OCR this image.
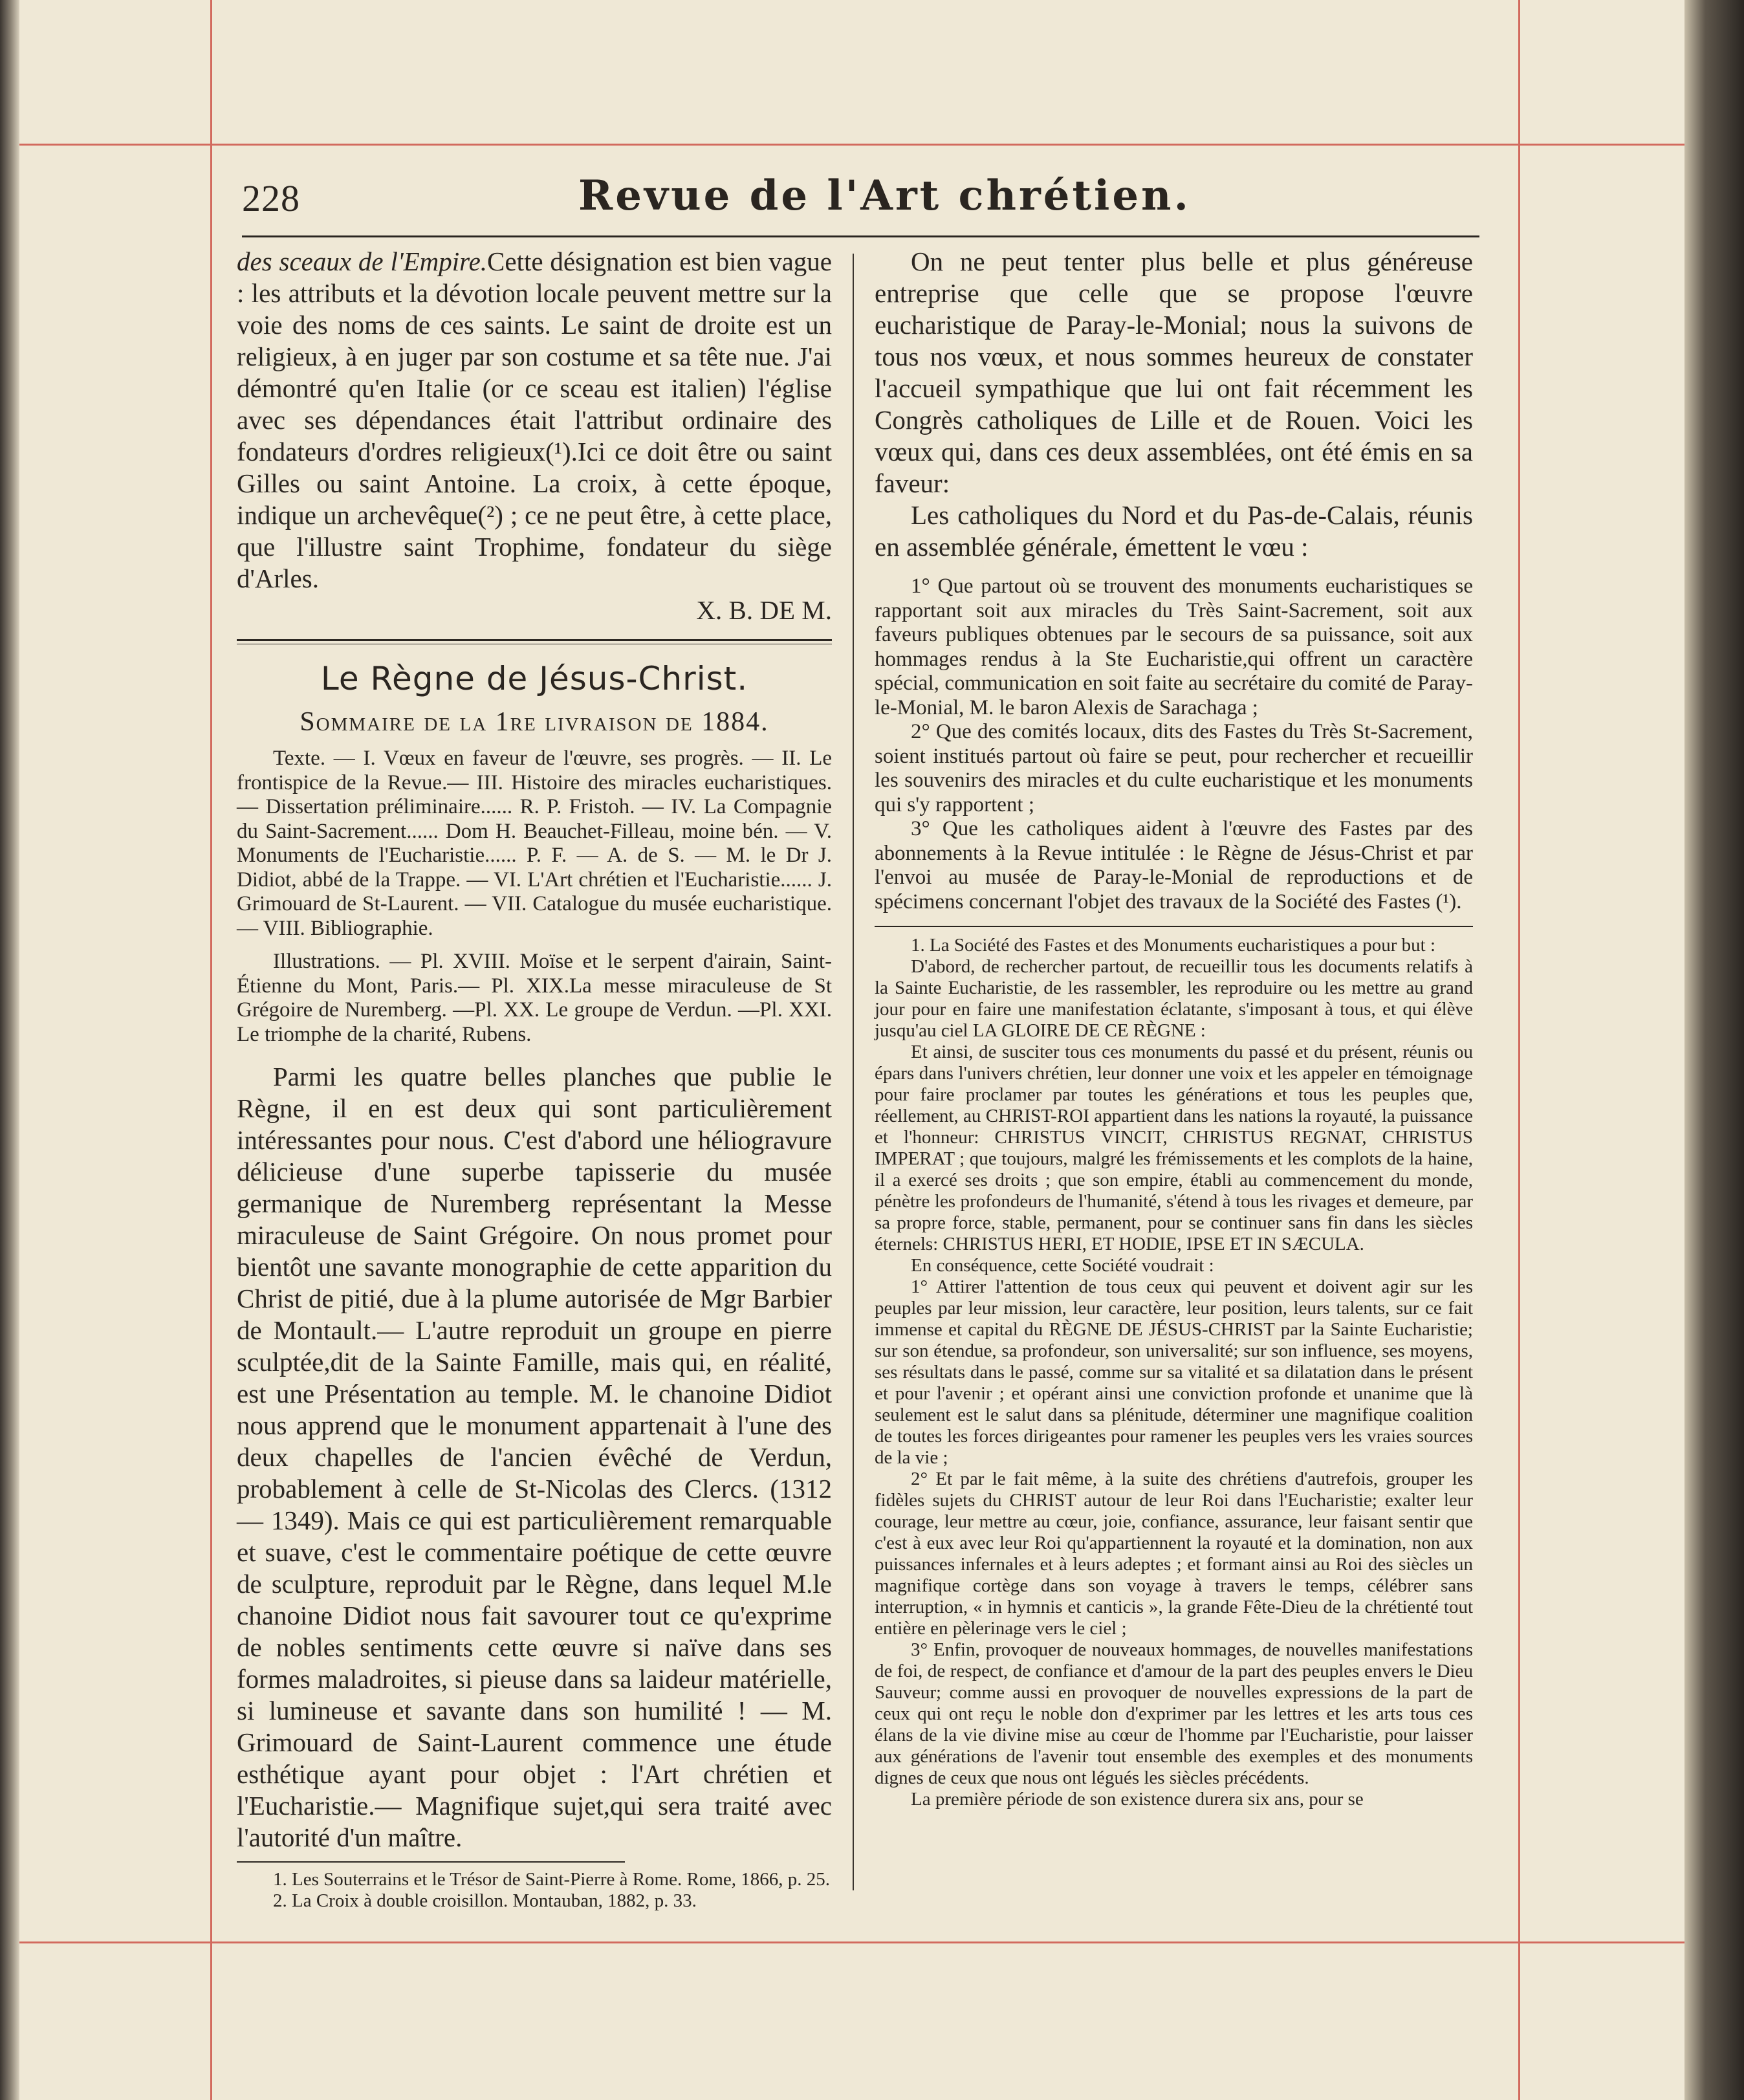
228	Revue de l'Art chrétien.

des sceaux de l'Empire.Cette désignation est bien vague : les attributs et la dévotion locale peuvent mettre sur la voie des noms de ces saints. Le saint de droite est un religieux, à en juger par son costume et sa tête nue. J'ai démontré qu'en Italie (or ce sceau est italien) l'église avec ses dépendances était l'attribut ordinaire des fondateurs d'ordres religieux(¹).Ici ce doit être ou saint Gilles ou saint Antoine. La croix, à cette époque, indique un archevêque(²) ; ce ne peut être, à cette place, que l'illustre saint Trophime, fondateur du siège d'Arles.

X. B. DE M.
Le Règne de Jésus-Christ.
Sommaire de la 1re livraison de 1884.

Texte. — I. Vœux en faveur de l'œuvre, ses progrès. — II. Le frontispice de la Revue.— III. Histoire des miracles eucharistiques. — Dissertation préliminaire...... R. P. Fristoh. — IV. La Compagnie du Saint-Sacrement...... Dom H. Beauchet-Filleau, moine bén. — V. Monuments de l'Eucharistie...... P. F. — A. de S. — M. le Dr J. Didiot, abbé de la Trappe. — VI. L'Art chrétien et l'Eucharistie...... J. Grimouard de St-Laurent. — VII. Catalogue du musée eucharistique. — VIII. Bibliographie.

Illustrations. — Pl. XVIII. Moïse et le serpent d'airain, Saint-Étienne du Mont, Paris.— Pl. XIX.La messe miraculeuse de St Grégoire de Nuremberg. —Pl. XX. Le groupe de Verdun. —Pl. XXI. Le triomphe de la charité, Rubens.

Parmi les quatre belles planches que publie le Règne, il en est deux qui sont particulièrement intéressantes pour nous. C'est d'abord une héliogravure délicieuse d'une superbe tapisserie du musée germanique de Nuremberg représentant la Messe miraculeuse de Saint Grégoire. On nous promet pour bientôt une savante monographie de cette apparition du Christ de pitié, due à la plume autorisée de Mgr Barbier de Montault.— L'autre reproduit un groupe en pierre sculptée,dit de la Sainte Famille, mais qui, en réalité, est une Présentation au temple. M. le chanoine Didiot nous apprend que le monument appartenait à l'une des deux chapelles de l'ancien évêché de Verdun, probablement à celle de St-Nicolas des Clercs. (1312 — 1349). Mais ce qui est particulièrement remarquable et suave, c'est le commentaire poétique de cette œuvre de sculpture, reproduit par le Règne, dans lequel M.le chanoine Didiot nous fait savourer tout ce qu'exprime de nobles sentiments cette œuvre si naïve dans ses formes maladroites, si pieuse dans sa laideur matérielle, si lumineuse et savante dans son humilité ! — M. Grimouard de Saint-Laurent commence une étude esthétique ayant pour objet : l'Art chrétien et l'Eucharistie.— Magnifique sujet,qui sera traité avec l'autorité d'un maître.

1. Les Souterrains et le Trésor de Saint-Pierre à Rome. Rome, 1866, p. 25.

2. La Croix à double croisillon. Montauban, 1882, p. 33.

On ne peut tenter plus belle et plus généreuse entreprise que celle que se propose l'œuvre eucharistique de Paray-le-Monial; nous la suivons de tous nos vœux, et nous sommes heureux de constater l'accueil sympathique que lui ont fait récemment les Congrès catholiques de Lille et de Rouen. Voici les vœux qui, dans ces deux assemblées, ont été émis en sa faveur:

Les catholiques du Nord et du Pas-de-Calais, réunis en assemblée générale, émettent le vœu :

1° Que partout où se trouvent des monuments eucharistiques se rapportant soit aux miracles du Très Saint-Sacrement, soit aux faveurs publiques obtenues par le secours de sa puissance, soit aux hommages rendus à la Ste Eucharistie,qui offrent un caractère spécial, communication en soit faite au secrétaire du comité de Paray-le-Monial, M. le baron Alexis de Sarachaga ;

2° Que des comités locaux, dits des Fastes du Très St-Sacrement, soient institués partout où faire se peut, pour rechercher et recueillir les souvenirs des miracles et du culte eucharistique et les monuments qui s'y rapportent ;

3° Que les catholiques aident à l'œuvre des Fastes par des abonnements à la Revue intitulée : le Règne de Jésus-Christ et par l'envoi au musée de Paray-le-Monial de reproductions et de spécimens concernant l'objet des travaux de la Société des Fastes (¹).

1. La Société des Fastes et des Monuments eucharistiques a pour but :

D'abord, de rechercher partout, de recueillir tous les documents relatifs à la Sainte Eucharistie, de les rassembler, les reproduire ou les mettre au grand jour pour en faire une manifestation éclatante, s'imposant à tous, et qui élève jusqu'au ciel LA GLOIRE DE CE RÈGNE :

Et ainsi, de susciter tous ces monuments du passé et du présent, réunis ou épars dans l'univers chrétien, leur donner une voix et les appeler en témoignage pour faire proclamer par toutes les générations et tous les peuples que, réellement, au CHRIST-ROI appartient dans les nations la royauté, la puissance et l'honneur: CHRISTUS VINCIT, CHRISTUS REGNAT, CHRISTUS IMPERAT ; que toujours, malgré les frémissements et les complots de la haine, il a exercé ses droits ; que son empire, établi au commencement du monde, pénètre les profondeurs de l'humanité, s'étend à tous les rivages et demeure, par sa propre force, stable, permanent, pour se continuer sans fin dans les siècles éternels: CHRISTUS HERI, ET HODIE, IPSE ET IN SÆCULA.

En conséquence, cette Société voudrait :

1° Attirer l'attention de tous ceux qui peuvent et doivent agir sur les peuples par leur mission, leur caractère, leur position, leurs talents, sur ce fait immense et capital du RÈGNE DE JÉSUS-CHRIST par la Sainte Eucharistie; sur son étendue, sa profondeur, son universalité; sur son influence, ses moyens, ses résultats dans le passé, comme sur sa vitalité et sa dilatation dans le présent et pour l'avenir ; et opérant ainsi une conviction profonde et unanime que là seulement est le salut dans sa plénitude, déterminer une magnifique coalition de toutes les forces dirigeantes pour ramener les peuples vers les vraies sources de la vie ;

2° Et par le fait même, à la suite des chrétiens d'autrefois, grouper les fidèles sujets du CHRIST autour de leur Roi dans l'Eucharistie; exalter leur courage, leur mettre au cœur, joie, confiance, assurance, leur faisant sentir que c'est à eux avec leur Roi qu'appartiennent la royauté et la domination, non aux puissances infernales et à leurs adeptes ; et formant ainsi au Roi des siècles un magnifique cortège dans son voyage à travers le temps, célébrer sans interruption, « in hymnis et canticis », la grande Fête-Dieu de la chrétienté tout entière en pèlerinage vers le ciel ;

3° Enfin, provoquer de nouveaux hommages, de nouvelles manifestations de foi, de respect, de confiance et d'amour de la part des peuples envers le Dieu Sauveur; comme aussi en provoquer de nouvelles expressions de la part de ceux qui ont reçu le noble don d'exprimer par les lettres et les arts tous ces élans de la vie divine mise au cœur de l'homme par l'Eucharistie, pour laisser aux générations de l'avenir tout ensemble des exemples et des monuments dignes de ceux que nous ont légués les siècles précédents.

La première période de son existence durera six ans, pour se
